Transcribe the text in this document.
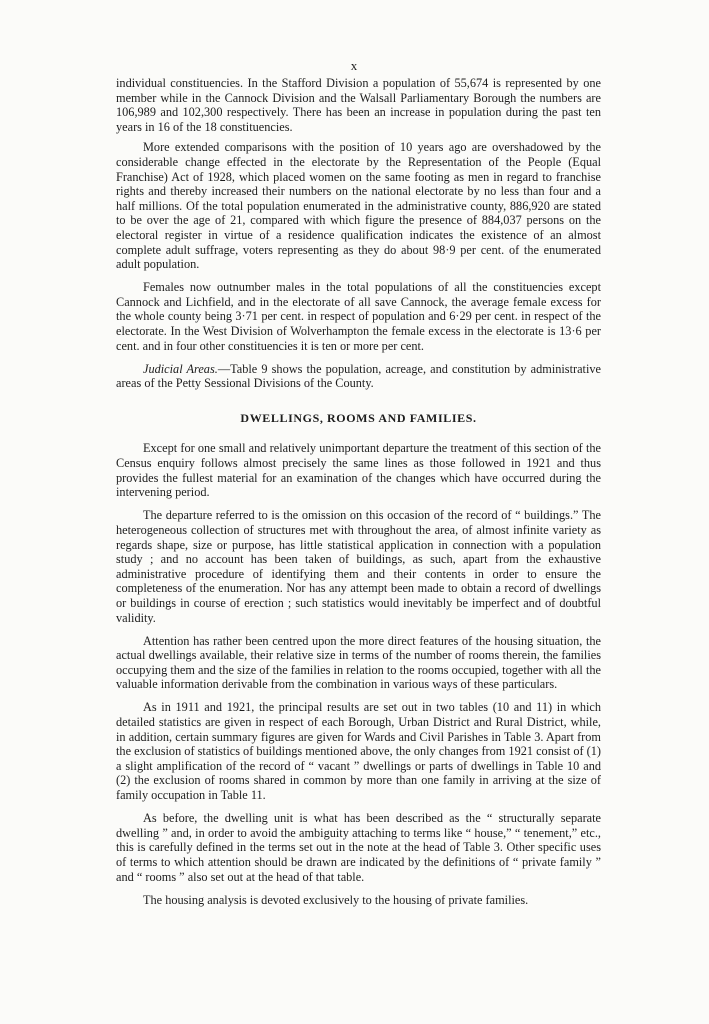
x

individual constituencies. In the Stafford Division a population of 55,674 is represented by one member while in the Cannock Division and the Walsall Parliamentary Borough the numbers are 106,989 and 102,300 respectively. There has been an increase in population during the past ten years in 16 of the 18 constituencies.

More extended comparisons with the position of 10 years ago are overshadowed by the considerable change effected in the electorate by the Representation of the People (Equal Franchise) Act of 1928, which placed women on the same footing as men in regard to franchise rights and thereby increased their numbers on the national electorate by no less than four and a half millions. Of the total population enumerated in the administrative county, 886,920 are stated to be over the age of 21, compared with which figure the presence of 884,037 persons on the electoral register in virtue of a residence qualification indicates the existence of an almost complete adult suffrage, voters representing as they do about 98·9 per cent. of the enumerated adult population.

Females now outnumber males in the total populations of all the constituencies except Cannock and Lichfield, and in the electorate of all save Cannock, the average female excess for the whole county being 3·71 per cent. in respect of population and 6·29 per cent. in respect of the electorate. In the West Division of Wolverhampton the female excess in the electorate is 13·6 per cent. and in four other constituencies it is ten or more per cent.

Judicial Areas.—Table 9 shows the population, acreage, and constitution by administrative areas of the Petty Sessional Divisions of the County.

DWELLINGS, ROOMS AND FAMILIES.

Except for one small and relatively unimportant departure the treatment of this section of the Census enquiry follows almost precisely the same lines as those followed in 1921 and thus provides the fullest material for an examination of the changes which have occurred during the intervening period.

The departure referred to is the omission on this occasion of the record of “ buildings.” The heterogeneous collection of structures met with throughout the area, of almost infinite variety as regards shape, size or purpose, has little statistical application in connection with a population study ; and no account has been taken of buildings, as such, apart from the exhaustive administrative procedure of identifying them and their contents in order to ensure the completeness of the enumeration. Nor has any attempt been made to obtain a record of dwellings or buildings in course of erection ; such statistics would inevitably be imperfect and of doubtful validity.

Attention has rather been centred upon the more direct features of the housing situation, the actual dwellings available, their relative size in terms of the number of rooms therein, the families occupying them and the size of the families in relation to the rooms occupied, together with all the valuable information derivable from the combination in various ways of these particulars.

As in 1911 and 1921, the principal results are set out in two tables (10 and 11) in which detailed statistics are given in respect of each Borough, Urban District and Rural District, while, in addition, certain summary figures are given for Wards and Civil Parishes in Table 3. Apart from the exclusion of statistics of buildings mentioned above, the only changes from 1921 consist of (1) a slight amplification of the record of “ vacant ” dwellings or parts of dwellings in Table 10 and (2) the exclusion of rooms shared in common by more than one family in arriving at the size of family occupation in Table 11.

As before, the dwelling unit is what has been described as the “ structurally separate dwelling ” and, in order to avoid the ambiguity attaching to terms like “ house,” “ tenement,” etc., this is carefully defined in the terms set out in the note at the head of Table 3. Other specific uses of terms to which attention should be drawn are indicated by the definitions of “ private family ” and “ rooms ” also set out at the head of that table.

The housing analysis is devoted exclusively to the housing of private families.
